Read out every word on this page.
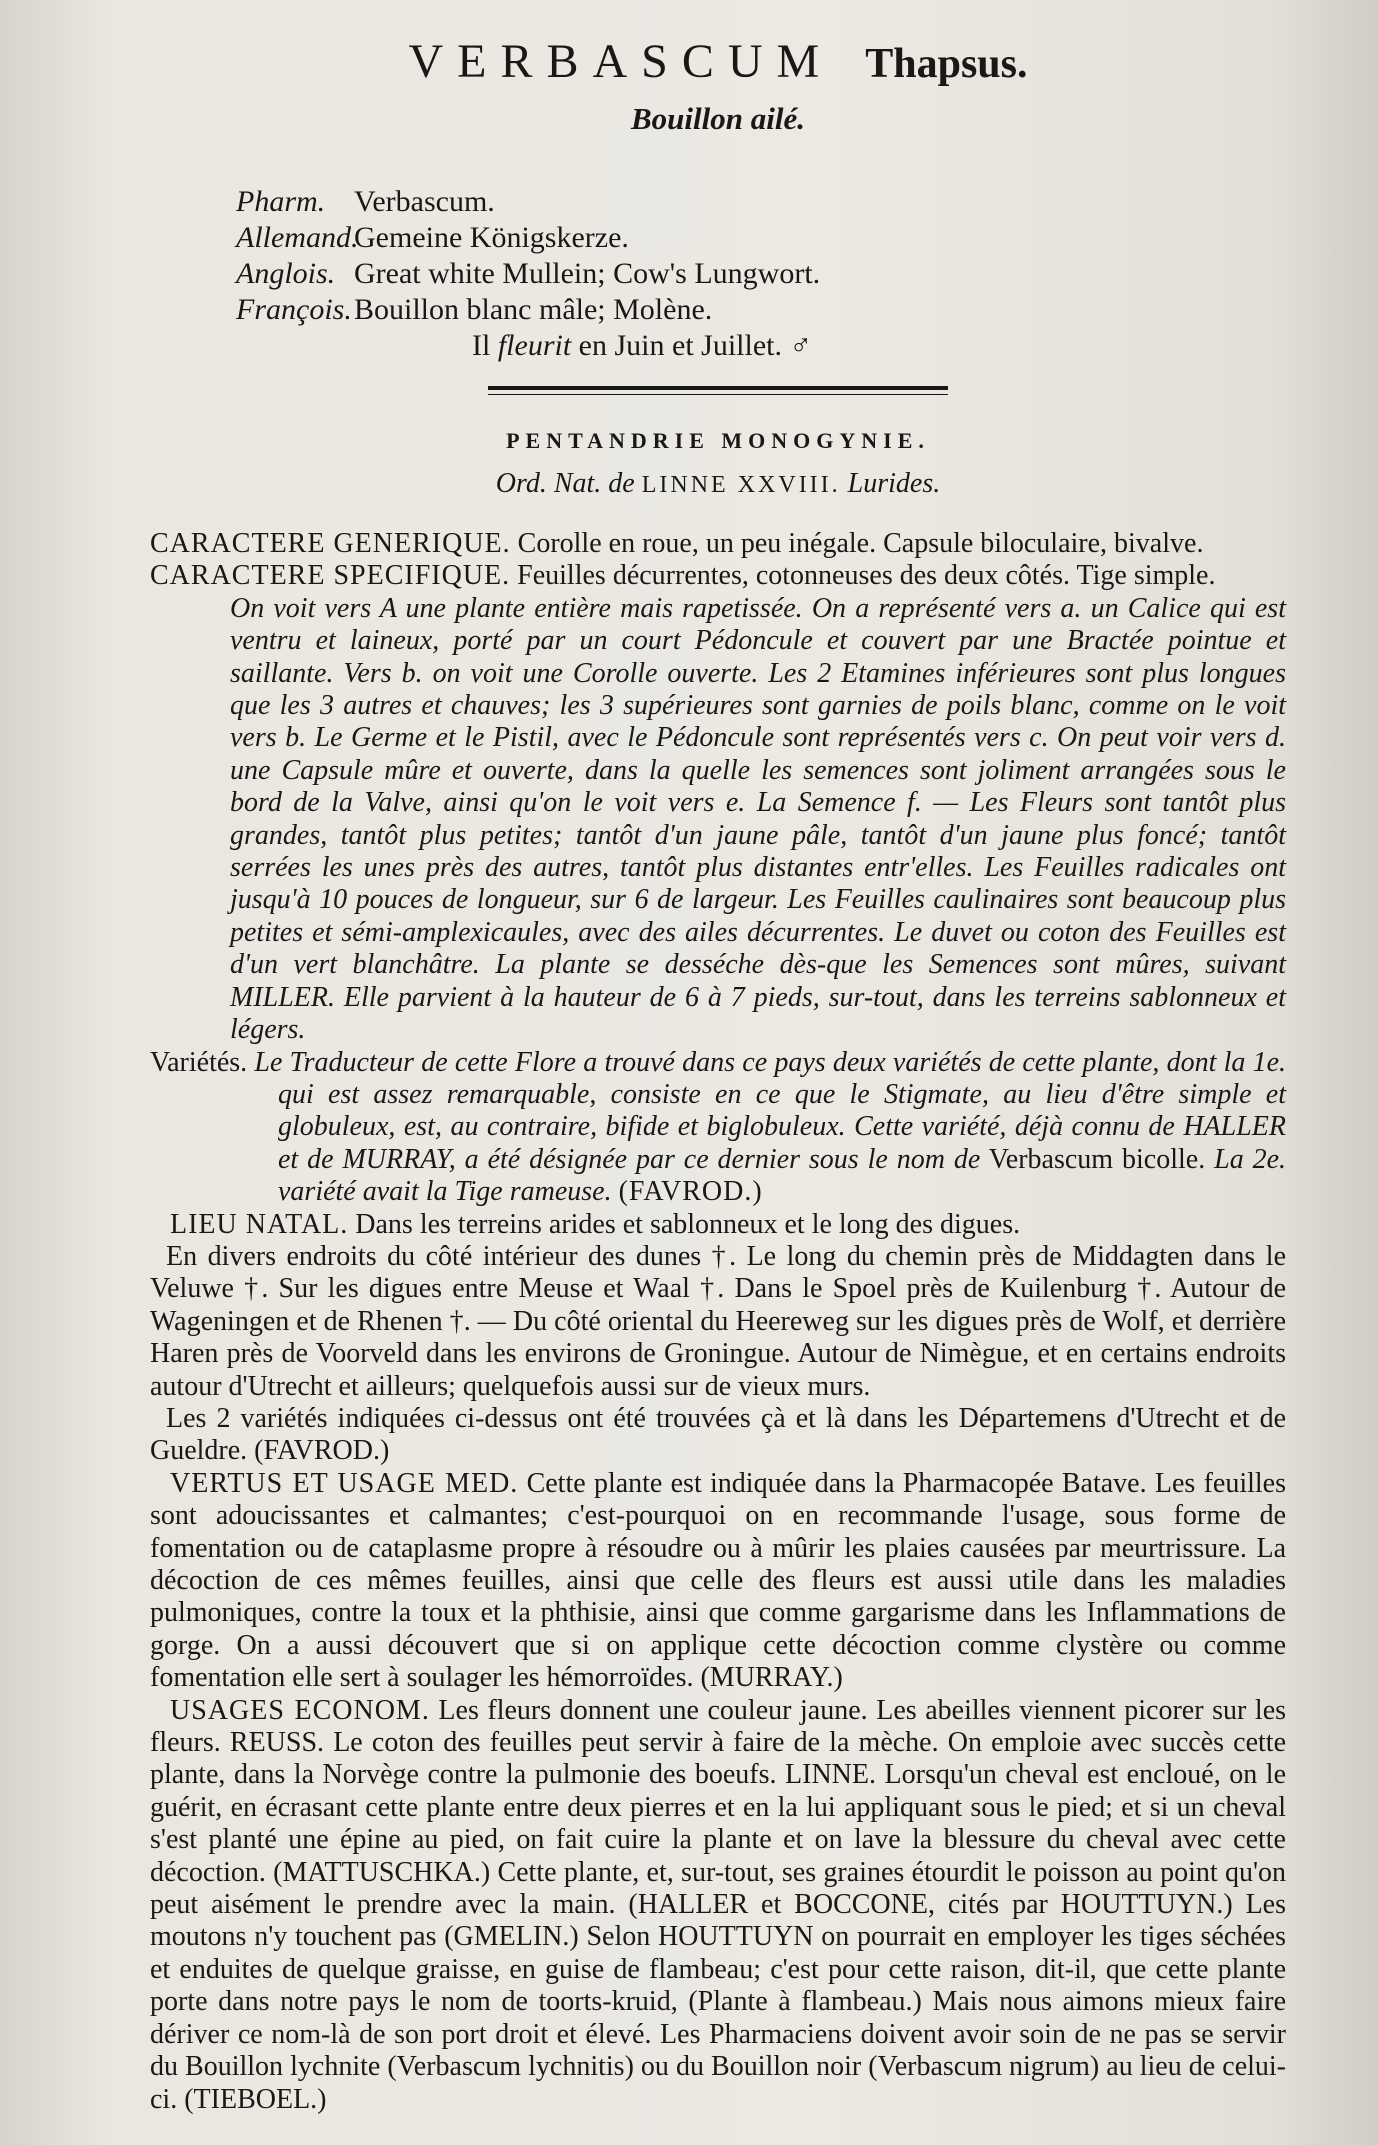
VERBASCUM Thapsus.
Bouillon ailé.
Pharm. Verbascum.
Allemand.
Gemeine Königskerze.
Anglois. Great white Mullein; Cow's Lungwort.
François. Bouillon blanc mâle; Molène.
Il fleurit en Juin et Juillet. ♂
PENTANDRIE MONOGYNIE.
Ord. Nat. de LINNE XXVIII. Lurides.

CARACTERE GENERIQUE. Corolle en roue, un peu inégale. Capsule biloculaire, bivalve.

CARACTERE SPECIFIQUE. Feuilles décurrentes, cotonneuses des deux côtés. Tige simple.

On voit vers A une plante entière mais rapetissée. On a représenté vers a. un Calice qui est ventru et laineux, porté par un court Pédoncule et couvert par une Bractée pointue et saillante. Vers b. on voit une Corolle ouverte. Les 2 Etamines inférieures sont plus longues que les 3 autres et chauves; les 3 supérieures sont garnies de poils blanc, comme on le voit vers b. Le Germe et le Pistil, avec le Pédoncule sont représentés vers c. On peut voir vers d. une Capsule mûre et ouverte, dans la quelle les semences sont joliment arrangées sous le bord de la Valve, ainsi qu'on le voit vers e. La Semence f. — Les Fleurs sont tantôt plus grandes, tantôt plus petites; tantôt d'un jaune pâle, tantôt d'un jaune plus foncé; tantôt serrées les unes près des autres, tantôt plus distantes entr'elles. Les Feuilles radicales ont jusqu'à 10 pouces de longueur, sur 6 de largeur. Les Feuilles caulinaires sont beaucoup plus petites et sémi-amplexicaules, avec des ailes décurrentes. Le duvet ou coton des Feuilles est d'un vert blanchâtre. La plante se desséche dès-que les Semences sont mûres, suivant MILLER. Elle parvient à la hauteur de 6 à 7 pieds, sur-tout, dans les terreins sablonneux et légers.

Variétés. Le Traducteur de cette Flore a trouvé dans ce pays deux variétés de cette plante, dont la 1e. qui est assez remarquable, consiste en ce que le Stigmate, au lieu d'être simple et globuleux, est, au contraire, bifide et biglobuleux. Cette variété, déjà connu de HALLER et de MURRAY, a été désignée par ce dernier sous le nom de Verbascum bicolle. La 2e. variété avait la Tige rameuse. (FAVROD.)

LIEU NATAL. Dans les terreins arides et sablonneux et le long des digues.

En divers endroits du côté intérieur des dunes †. Le long du chemin près de Middagten dans le Veluwe †. Sur les digues entre Meuse et Waal †. Dans le Spoel près de Kuilenburg †. Autour de Wageningen et de Rhenen †. — Du côté oriental du Heereweg sur les digues près de Wolf, et derrière Haren près de Voorveld dans les environs de Groningue. Autour de Nimègue, et en certains endroits autour d'Utrecht et ailleurs; quelquefois aussi sur de vieux murs.

Les 2 variétés indiquées ci-dessus ont été trouvées çà et là dans les Départemens d'Utrecht et de Gueldre. (FAVROD.)

VERTUS ET USAGE MED. Cette plante est indiquée dans la Pharmacopée Batave. Les feuilles sont adoucissantes et calmantes; c'est-pourquoi on en recommande l'usage, sous forme de fomentation ou de cataplasme propre à résoudre ou à mûrir les plaies causées par meurtrissure. La décoction de ces mêmes feuilles, ainsi que celle des fleurs est aussi utile dans les maladies pulmoniques, contre la toux et la phthisie, ainsi que comme gargarisme dans les Inflammations de gorge. On a aussi découvert que si on applique cette décoction comme clystère ou comme fomentation elle sert à soulager les hémorroïdes. (MURRAY.)

USAGES ECONOM. Les fleurs donnent une couleur jaune. Les abeilles viennent picorer sur les fleurs. REUSS. Le coton des feuilles peut servir à faire de la mèche. On emploie avec succès cette plante, dans la Norvège contre la pulmonie des boeufs. LINNE. Lorsqu'un cheval est encloué, on le guérit, en écrasant cette plante entre deux pierres et en la lui appliquant sous le pied; et si un cheval s'est planté une épine au pied, on fait cuire la plante et on lave la blessure du cheval avec cette décoction. (MATTUSCHKA.) Cette plante, et, sur-tout, ses graines étourdit le poisson au point qu'on peut aisément le prendre avec la main. (HALLER et BOCCONE, cités par HOUTTUYN.) Les moutons n'y touchent pas (GMELIN.) Selon HOUTTUYN on pourrait en employer les tiges séchées et enduites de quelque graisse, en guise de flambeau; c'est pour cette raison, dit-il, que cette plante porte dans notre pays le nom de toorts-kruid, (Plante à flambeau.) Mais nous aimons mieux faire dériver ce nom-là de son port droit et élevé. Les Pharmaciens doivent avoir soin de ne pas se servir du Bouillon lychnite (Verbascum lychnitis) ou du Bouillon noir (Verbascum nigrum) au lieu de celui-ci. (TIEBOEL.)
